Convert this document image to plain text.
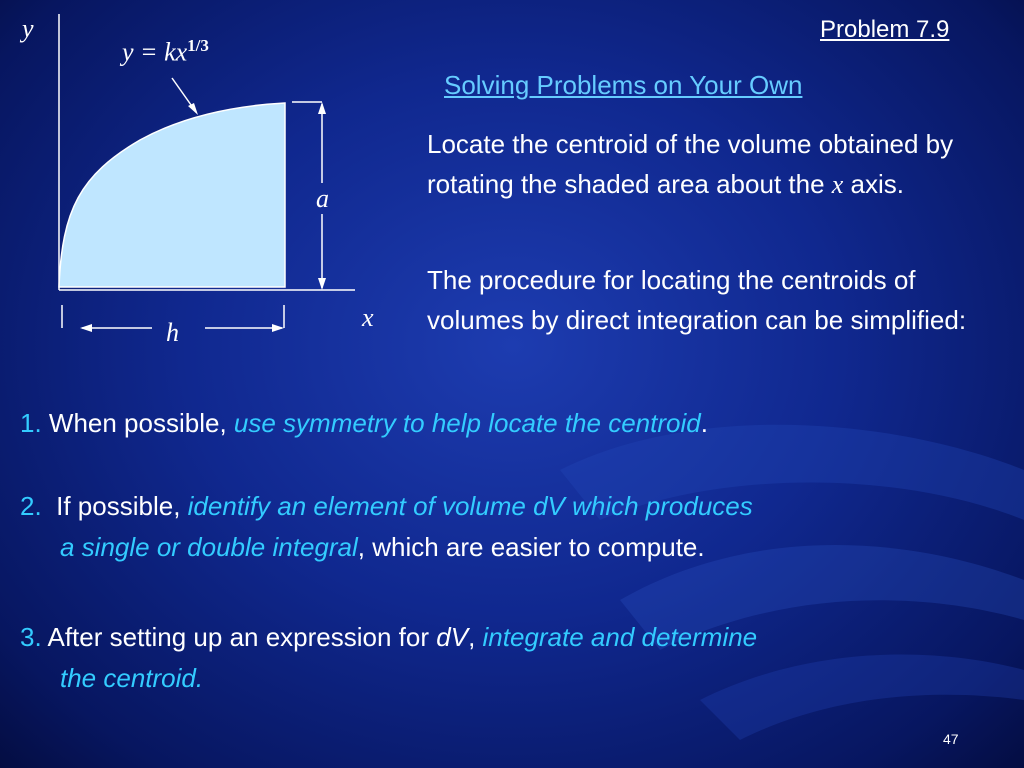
y
x
$y = kx^{1/3}$
a
h
Problem 7.9
Solving Problems on Your Own
Locate the centroid of the volume obtained by rotating the shaded area about the x axis.
The procedure for locating the centroids of volumes by direct integration can be simplified:
1. When possible, use symmetry to help locate the centroid.
2.  If possible, identify an element of volume dV which produces
a single or double integral, which are easier to compute.
3. After setting up an expression for dV, integrate and determine
the centroid.
47
